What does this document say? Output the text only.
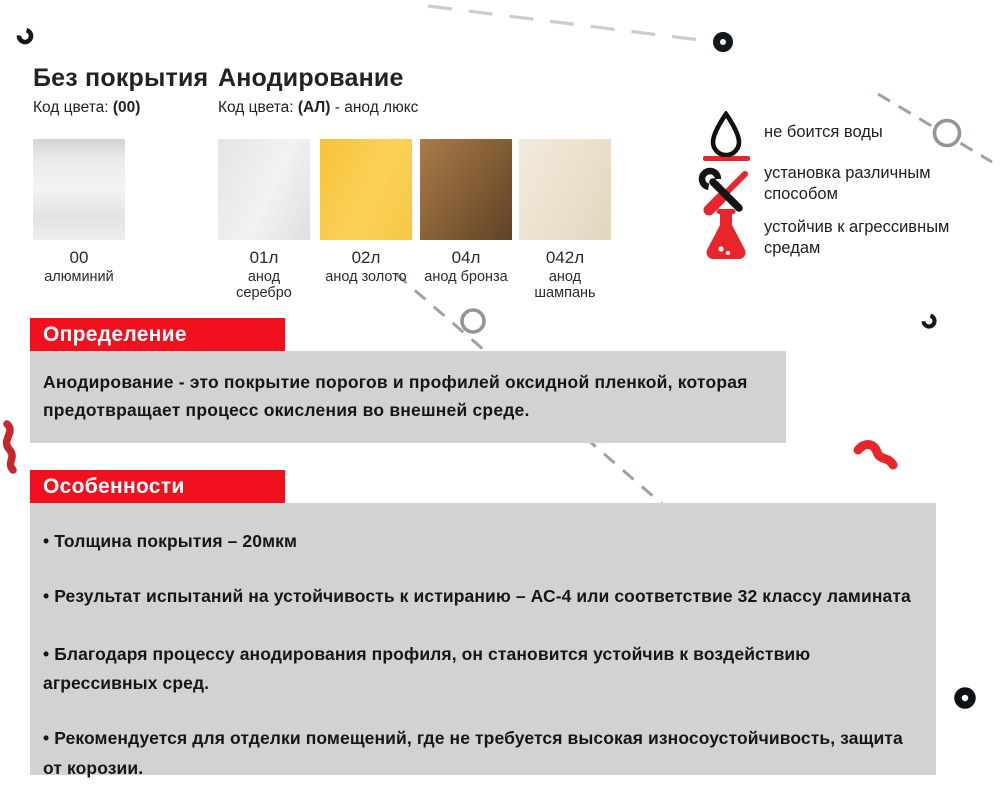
Без покрытия
Код цвета: (00)
Анодирование
Код цвета: (АЛ) - анод люкс
00
алюминий
01л
анод серебро
02л
анод золото
04л
анод бронза
042л
анод шампань
не боится воды
установка различным способом
устойчив к агрессивным средам
Определение
Анодирование - это покрытие порогов и профилей оксидной пленкой, которая предотвращает процесс окисления во внешней среде.
Особенности

• Толщина покрытия – 20мкм

• Результат испытаний на устойчивость к истиранию – АС-4 или соответствие 32 классу ламината

• Благодаря процессу анодирования профиля, он становится устойчив к воздействию агрессивных сред.

• Рекомендуется для отделки помещений, где не требуется высокая износоустойчивость, защита от корозии.
